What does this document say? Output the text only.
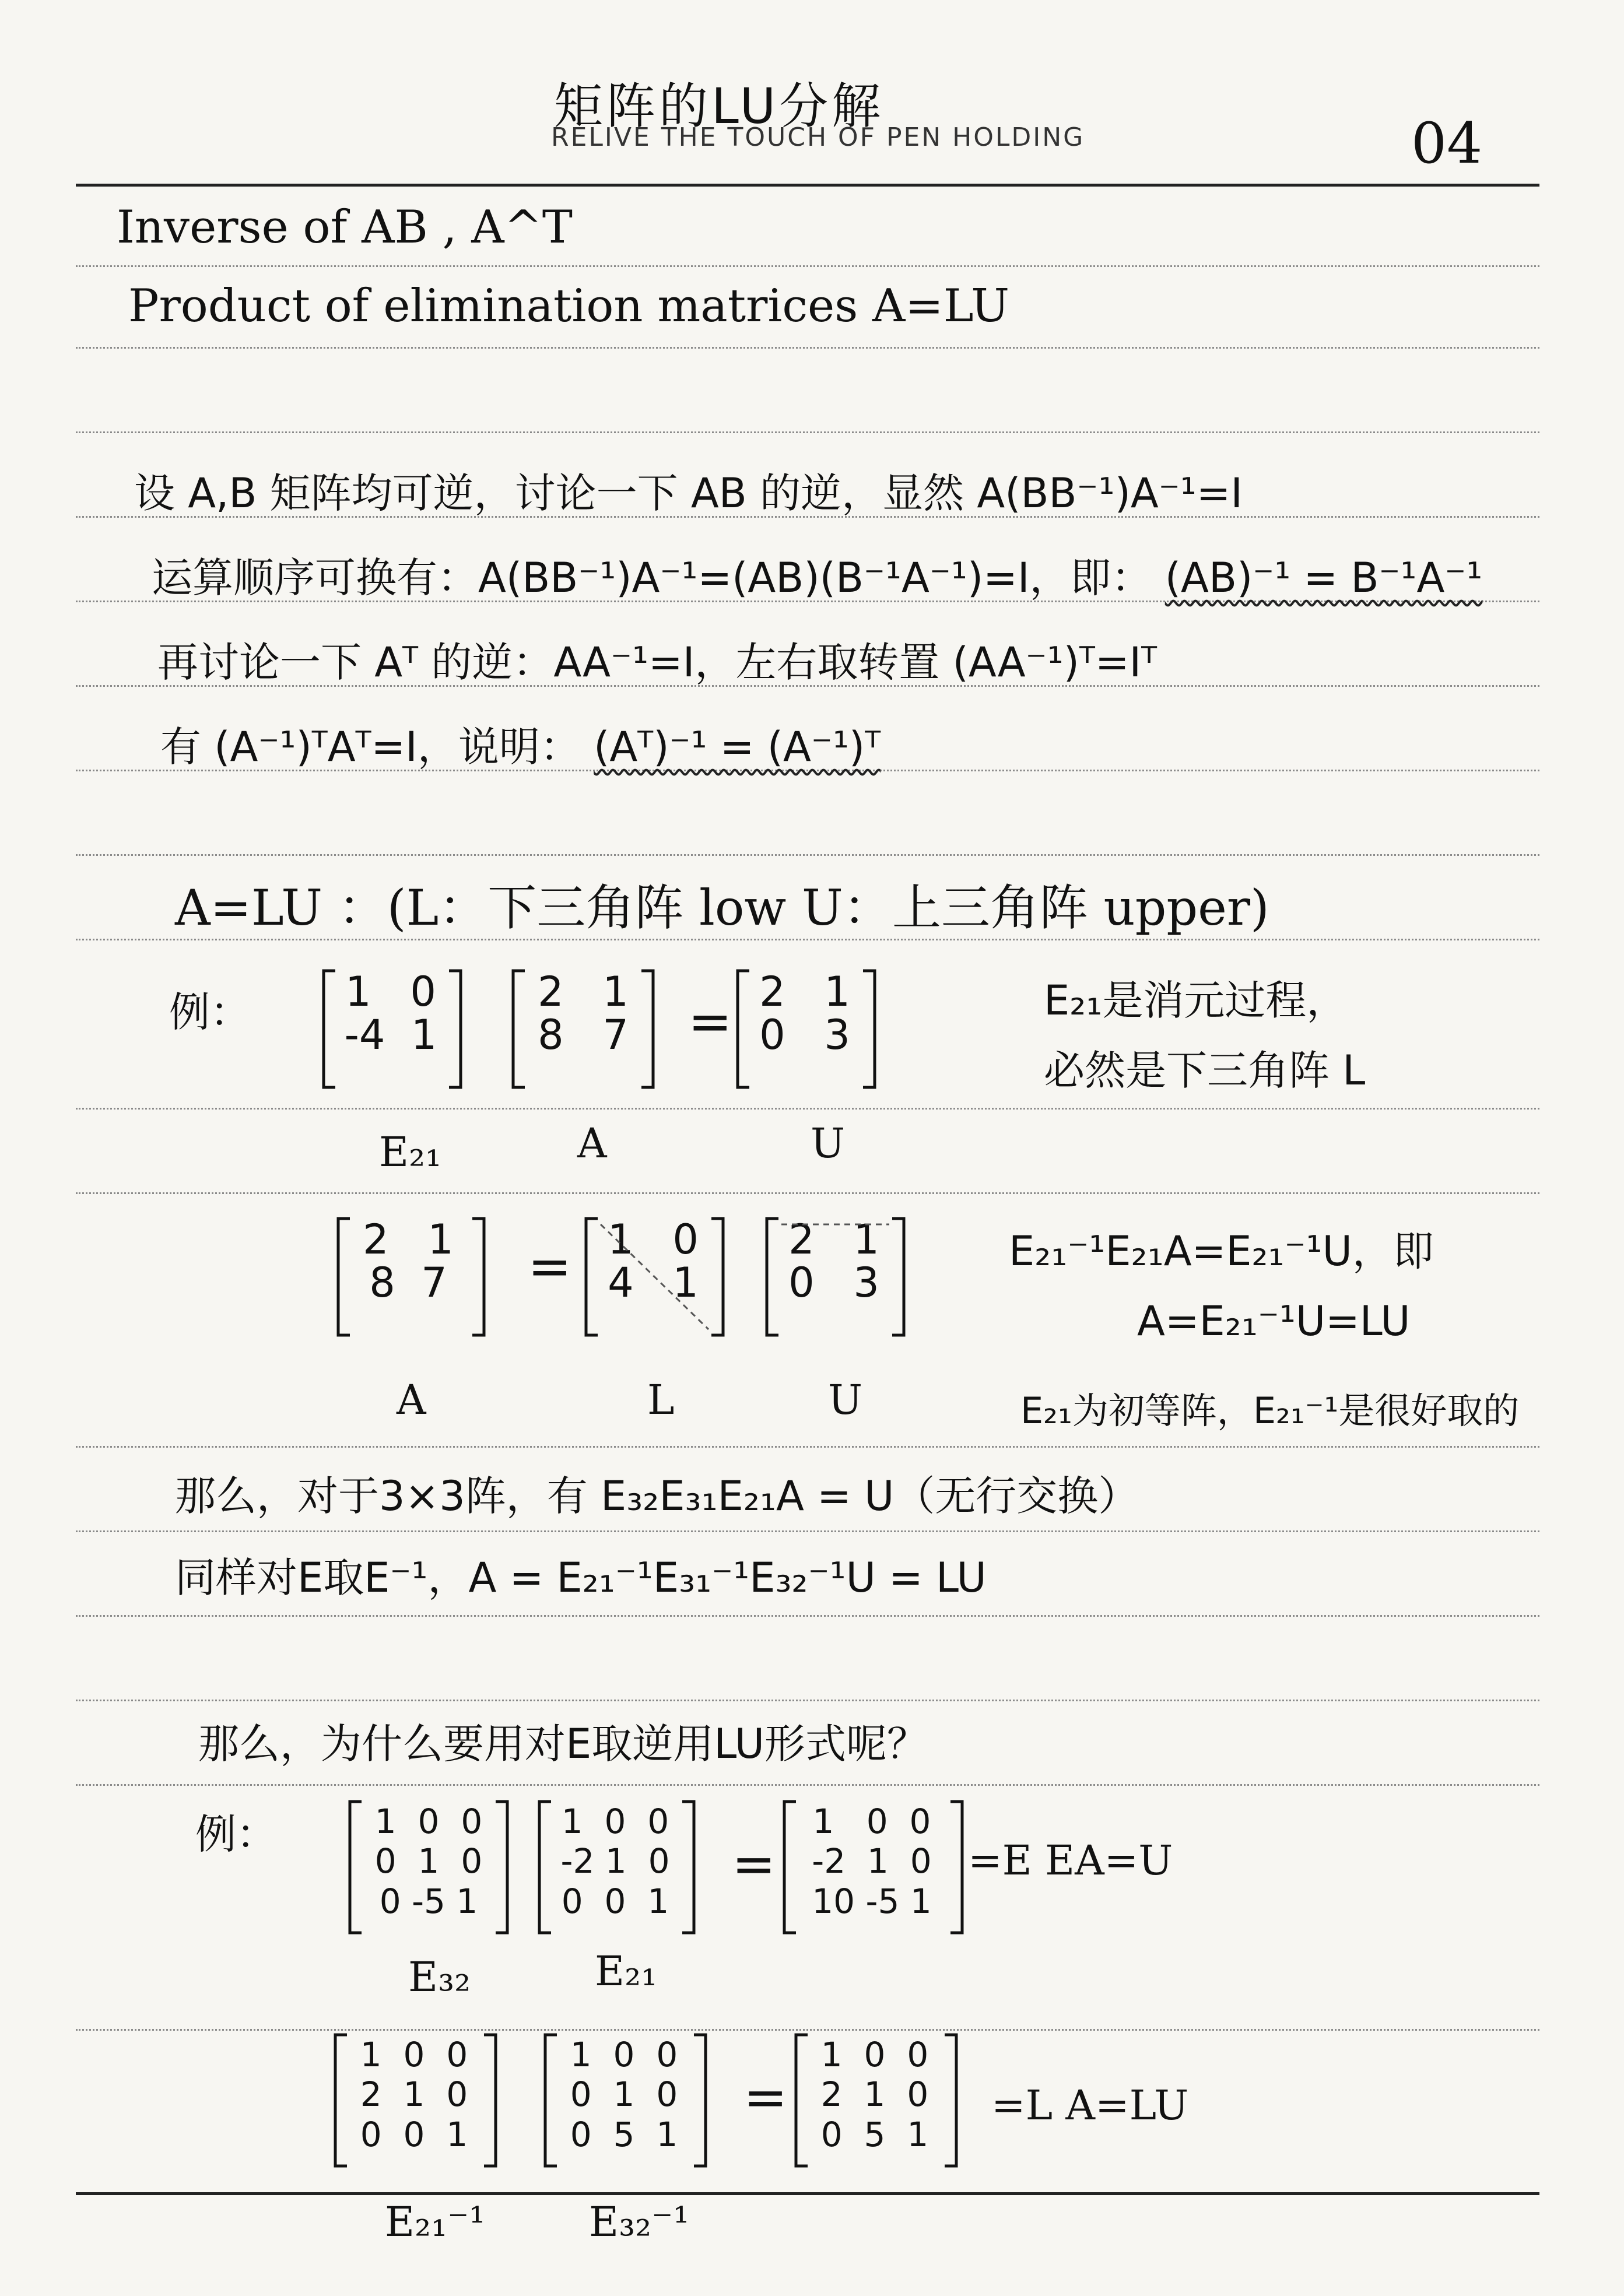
矩阵的LU分解
RELIVE THE TOUCH OF PEN HOLDING	04
Inverse of AB , A^T
Product of elimination matrices A=LU
设 A,B 矩阵均可逆，讨论一下 AB 的逆，显然 A(BB⁻¹)A⁻¹=I
运算顺序可换有：A(BB⁻¹)A⁻¹=(AB)(B⁻¹A⁻¹)=I，即： (AB)⁻¹ = B⁻¹A⁻¹
再讨论一下 Aᵀ 的逆：AA⁻¹=I，左右取转置 (AA⁻¹)ᵀ=Iᵀ
有 (A⁻¹)ᵀAᵀ=I，说明： (Aᵀ)⁻¹ = (A⁻¹)ᵀ
A=LU ：(L：下三角阵 low U：上三角阵 upper)
例：	1 0
-4 1
2 1
8 7	= 2 1
0 3
E₂₁是消元过程，
必然是下三角阵 L
E₂₁	A	U
2 1
8 7	= 1 0
4 1
2 1
0 3
E₂₁⁻¹E₂₁A=E₂₁⁻¹U，即
A=E₂₁⁻¹U=LU
A	L	U	E₂₁为初等阵，E₂₁⁻¹是很好取的
那么，对于3×3阵，有 E₃₂E₃₁E₂₁A = U（无行交换）
同样对E取E⁻¹，A = E₂₁⁻¹E₃₁⁻¹E₃₂⁻¹U = LU
那么，为什么要用对E取逆用LU形式呢？
例：	1 0 0
0 1 0
0 -5 1
1 0 0
-2 1 0
0 0 1
=
1 0 0
-2 1 0
10 -5 1
=E EA=U
E₃₂	E₂₁
1 0 0
2 1 0
0 0 1
1 0 0
0 1 0
0 5 1
=
1 0 0
2 1 0
0 5 1
=L A=LU
E₂₁⁻¹	E₃₂⁻¹
